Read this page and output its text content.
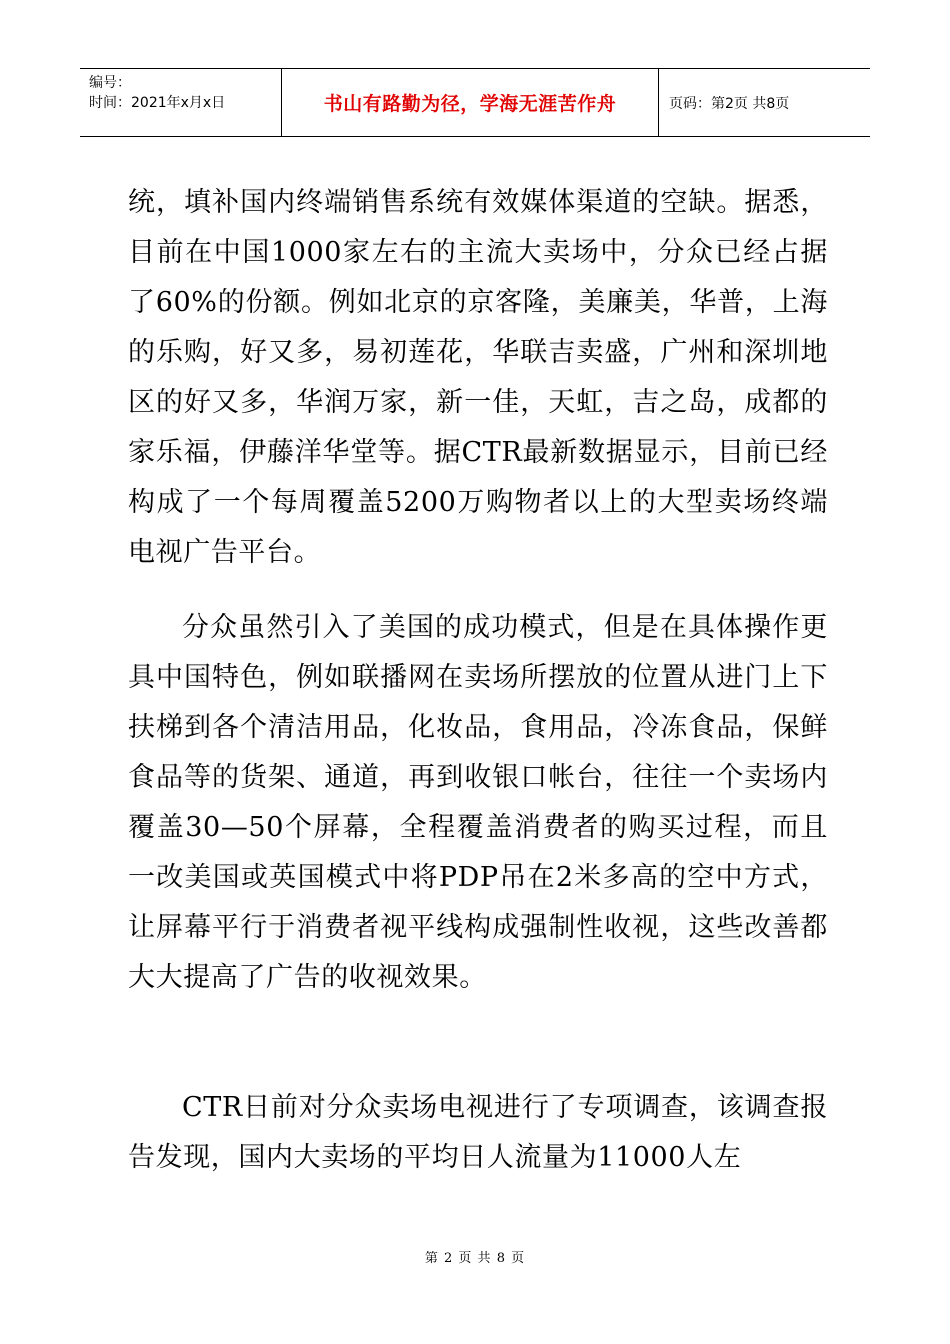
编号：
时间：2021年x月x日	书山有路勤为径，学海无涯苦作舟	页码：第2页 共8页

统，填补国内终端销售系统有效媒体渠道的空缺。据悉，目前在中国1000家左右的主流大卖场中，分众已经占据了60%的份额。例如北京的京客隆，美廉美，华普，上海的乐购，好又多，易初莲花，华联吉卖盛，广州和深圳地区的好又多，华润万家，新一佳，天虹，吉之岛，成都的家乐福，伊藤洋华堂等。据CTR最新数据显示，目前已经构成了一个每周覆盖5200万购物者以上的大型卖场终端电视广告平台。

分众虽然引入了美国的成功模式，但是在具体操作更具中国特色，例如联播网在卖场所摆放的位置从进门上下扶梯到各个清洁用品，化妆品，食用品，冷冻食品，保鲜食品等的货架、通道，再到收银口帐台，往往一个卖场内覆盖30—50个屏幕，全程覆盖消费者的购买过程，而且一改美国或英国模式中将PDP吊在2米多高的空中方式，让屏幕平行于消费者视平线构成强制性收视，这些改善都大大提高了广告的收视效果。

CTR日前对分众卖场电视进行了专项调查，该调查报告发现，国内大卖场的平均日人流量为11000人左

第 2 页 共 8 页
